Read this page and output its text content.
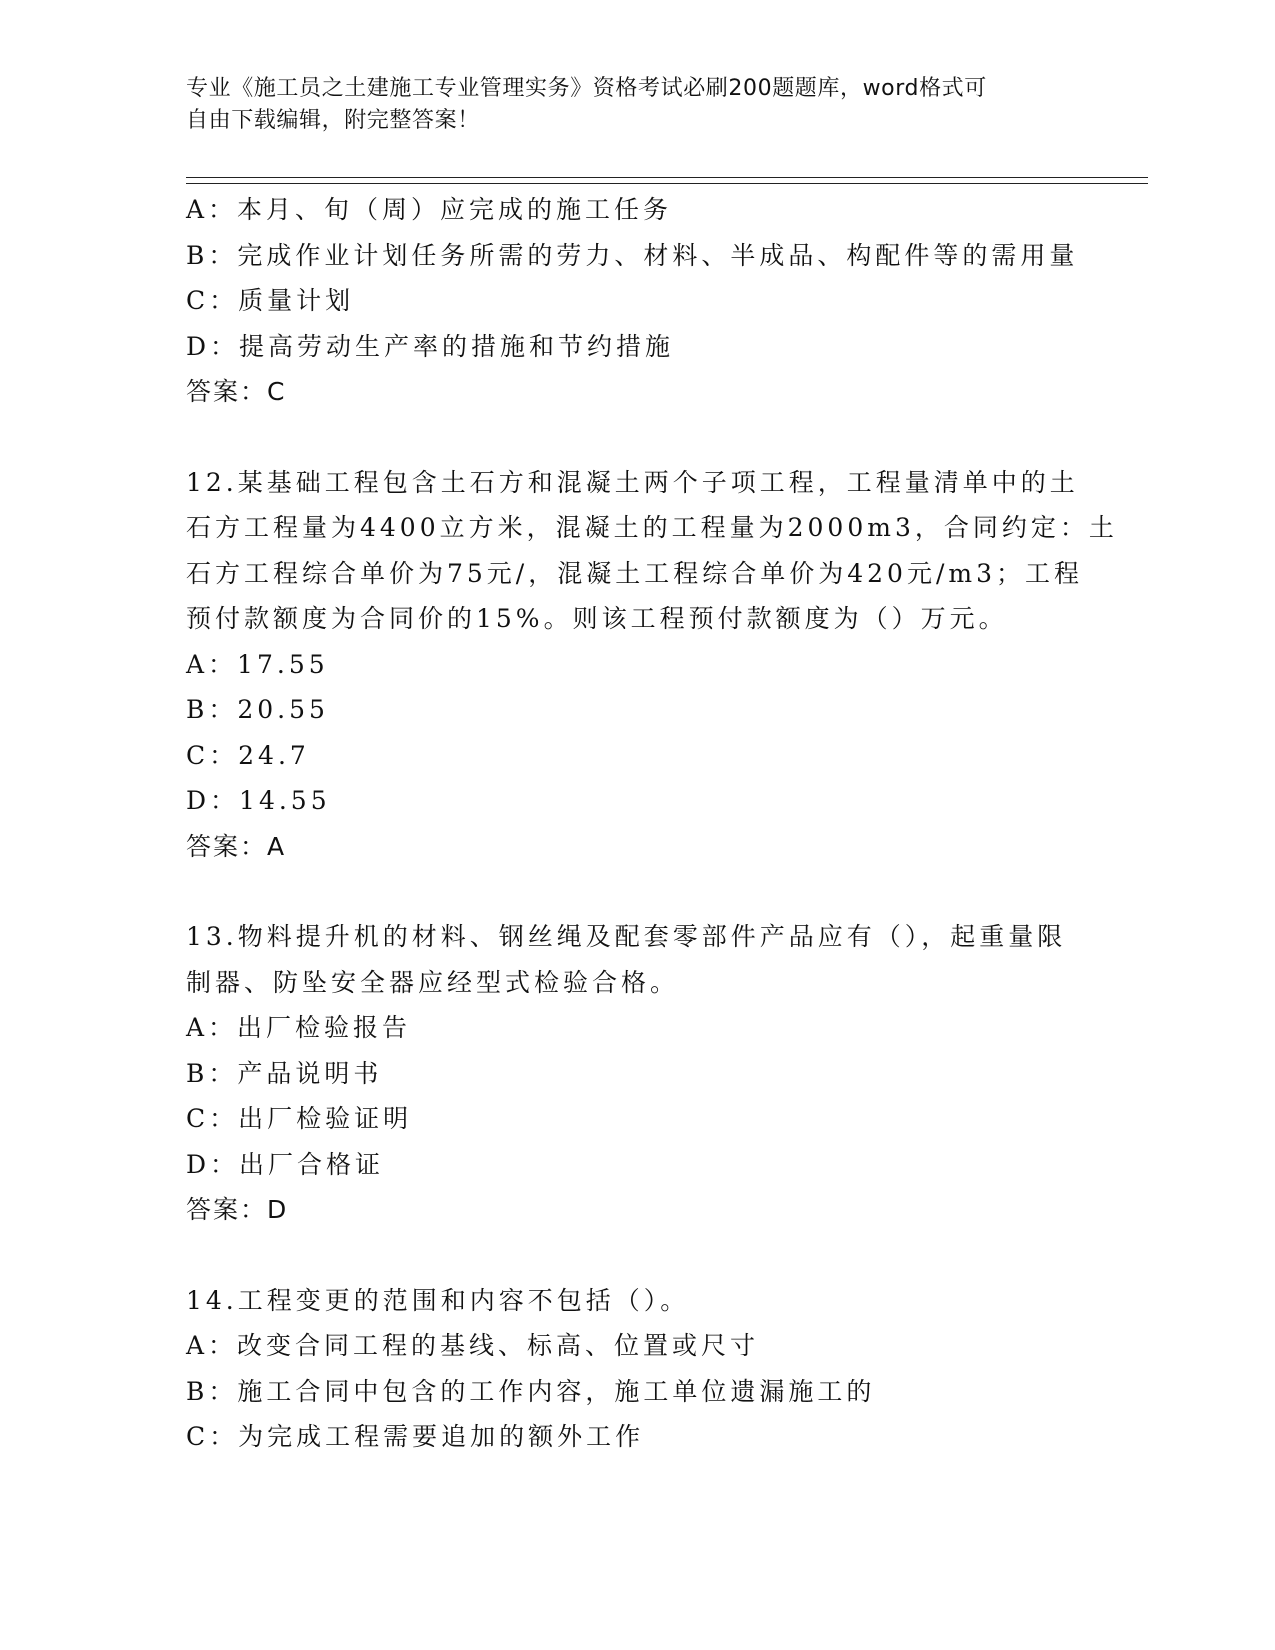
专业《施工员之土建施工专业管理实务》资格考试必刷200题题库，word格式可
自由下载编辑，附完整答案！
A：本月、旬（周）应完成的施工任务
B：完成作业计划任务所需的劳力、材料、半成品、构配件等的需用量
C：质量计划
D：提高劳动生产率的措施和节约措施
答案：C
12.某基础工程包含土石方和混凝土两个子项工程，工程量清单中的土
石方工程量为4400立方米，混凝土的工程量为2000m3，合同约定：土
石方工程综合单价为75元/，混凝土工程综合单价为420元/m3；工程
预付款额度为合同价的15%。则该工程预付款额度为（）万元。
A：17.55
B：20.55
C：24.7
D：14.55
答案：A
13.物料提升机的材料、钢丝绳及配套零部件产品应有（），起重量限
制器、防坠安全器应经型式检验合格。
A：出厂检验报告
B：产品说明书
C：出厂检验证明
D：出厂合格证
答案：D
14.工程变更的范围和内容不包括（）。
A：改变合同工程的基线、标高、位置或尺寸
B：施工合同中包含的工作内容，施工单位遗漏施工的
C：为完成工程需要追加的额外工作
